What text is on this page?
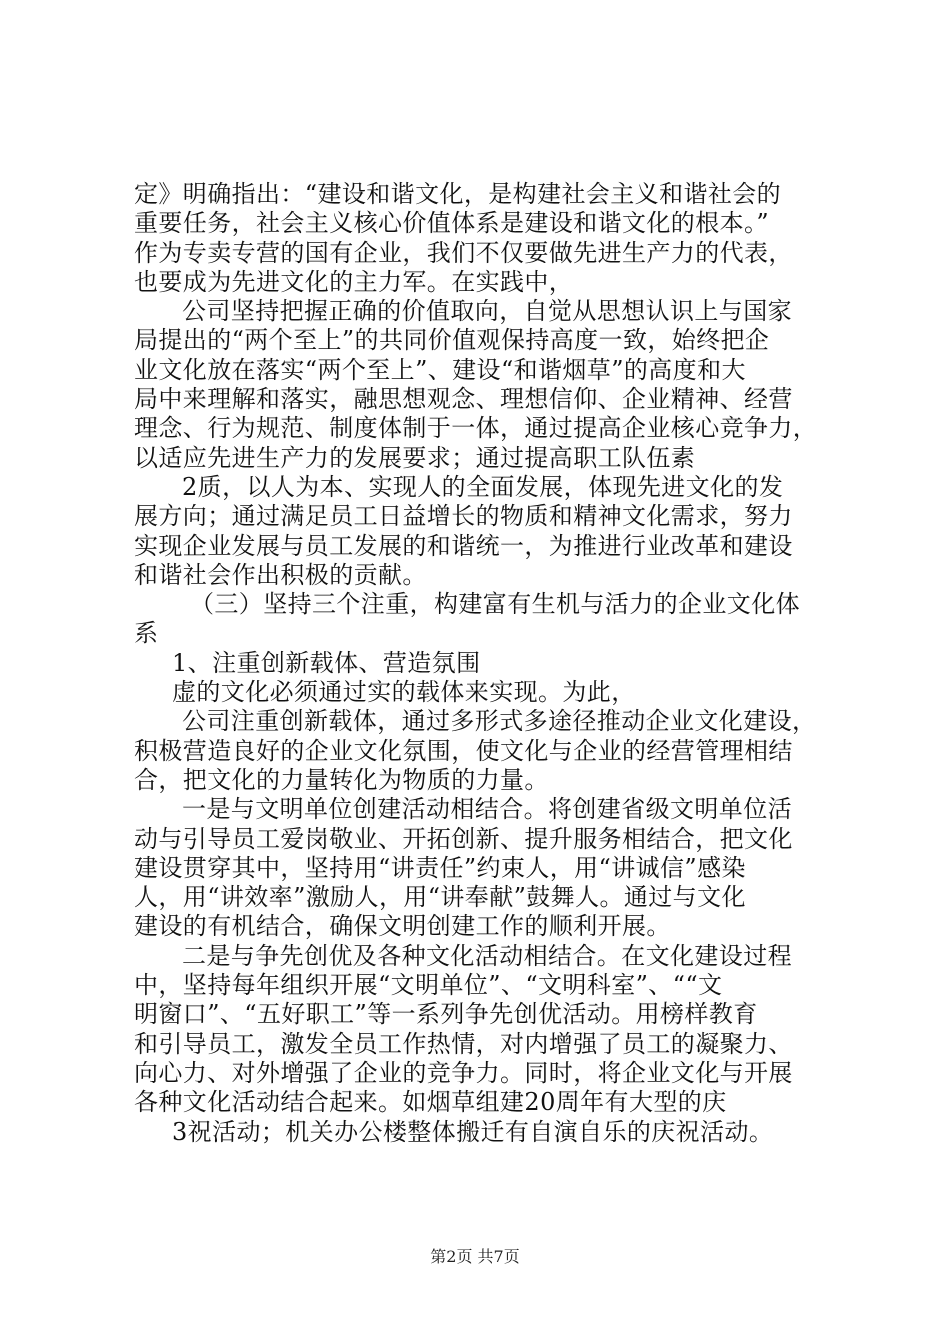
定》明确指出：“建设和谐文化，是构建社会主义和谐社会的
重要任务，社会主义核心价值体系是建设和谐文化的根本。”
作为专卖专营的国有企业，我们不仅要做先进生产力的代表，
也要成为先进文化的主力军。在实践中，
公司坚持把握正确的价值取向，自觉从思想认识上与国家
局提出的“两个至上”的共同价值观保持高度一致，始终把企
业文化放在落实“两个至上”、建设“和谐烟草”的高度和大
局中来理解和落实，融思想观念、理想信仰、企业精神、经营
理念、行为规范、制度体制于一体，通过提高企业核心竞争力，
以适应先进生产力的发展要求；通过提高职工队伍素
2质，以人为本、实现人的全面发展，体现先进文化的发
展方向；通过满足员工日益增长的物质和精神文化需求，努力
实现企业发展与员工发展的和谐统一，为推进行业改革和建设
和谐社会作出积极的贡献。
（三）坚持三个注重，构建富有生机与活力的企业文化体
系
1、注重创新载体、营造氛围
虚的文化必须通过实的载体来实现。为此，
公司注重创新载体，通过多形式多途径推动企业文化建设，
积极营造良好的企业文化氛围，使文化与企业的经营管理相结
合，把文化的力量转化为物质的力量。
一是与文明单位创建活动相结合。将创建省级文明单位活
动与引导员工爱岗敬业、开拓创新、提升服务相结合，把文化
建设贯穿其中，坚持用“讲责任”约束人，用“讲诚信”感染
人，用“讲效率”激励人，用“讲奉献”鼓舞人。通过与文化
建设的有机结合，确保文明创建工作的顺利开展。
二是与争先创优及各种文化活动相结合。在文化建设过程
中，坚持每年组织开展“文明单位”、“文明科室”、““文
明窗口”、“五好职工”等一系列争先创优活动。用榜样教育
和引导员工，激发全员工作热情，对内增强了员工的凝聚力、
向心力、对外增强了企业的竞争力。同时，将企业文化与开展
各种文化活动结合起来。如烟草组建20周年有大型的庆
3祝活动；机关办公楼整体搬迁有自演自乐的庆祝活动。
第2页 共7页
